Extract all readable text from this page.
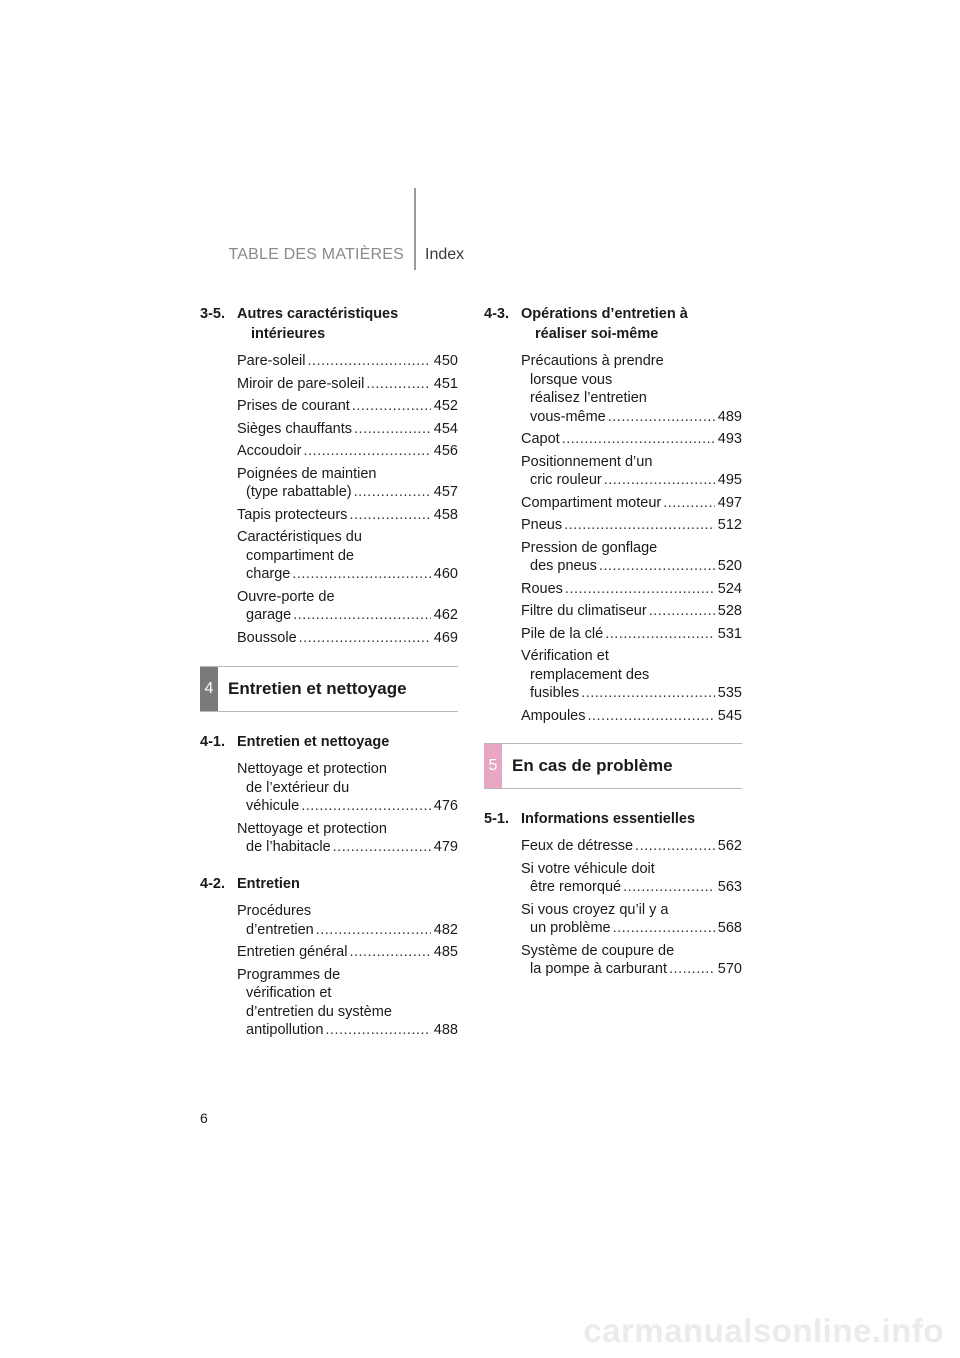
TABLE DES MATIÈRES Index
3-5. Autres caractéristiques
intérieures
Pare-soleil .....	450
Miroir de pare-soleil .....	451
Prises de courant .....	452
Sièges chauffants .....	454
Accoudoir .....	456
Poignées de maintien
(type rabattable) .....	457
Tapis protecteurs .....	458
Caractéristiques du
compartiment de
charge .....	460
Ouvre-porte de
garage .....	462
Boussole .....	469
4 Entretien et nettoyage
4-1. Entretien et nettoyage
Nettoyage et protection
de l’extérieur du
véhicule .....	476
Nettoyage et protection
de l’habitacle .....	479
4-2. Entretien
Procédures
d’entretien .....	482
Entretien général .....	485
Programmes de
vérification et
d’entretien du système
antipollution .....	488
4-3. Opérations d’entretien à
réaliser soi-même
Précautions à prendre
lorsque vous
réalisez l’entretien
vous-même .....	489
Capot .....	493
Positionnement d’un
cric rouleur .....	495
Compartiment moteur .....	497
Pneus .....	512
Pression de gonflage
des pneus .....	520
Roues .....	524
Filtre du climatiseur .....	528
Pile de la clé .....	531
Vérification et
remplacement des
fusibles .....	535
Ampoules .....	545
5 En cas de problème
5-1. Informations essentielles
Feux de détresse .....	562
Si votre véhicule doit
être remorqué .....	563
Si vous croyez qu’il y a
un problème .....	568
Système de coupure de
la pompe à carburant .....	570
6
carmanualsonline.info
